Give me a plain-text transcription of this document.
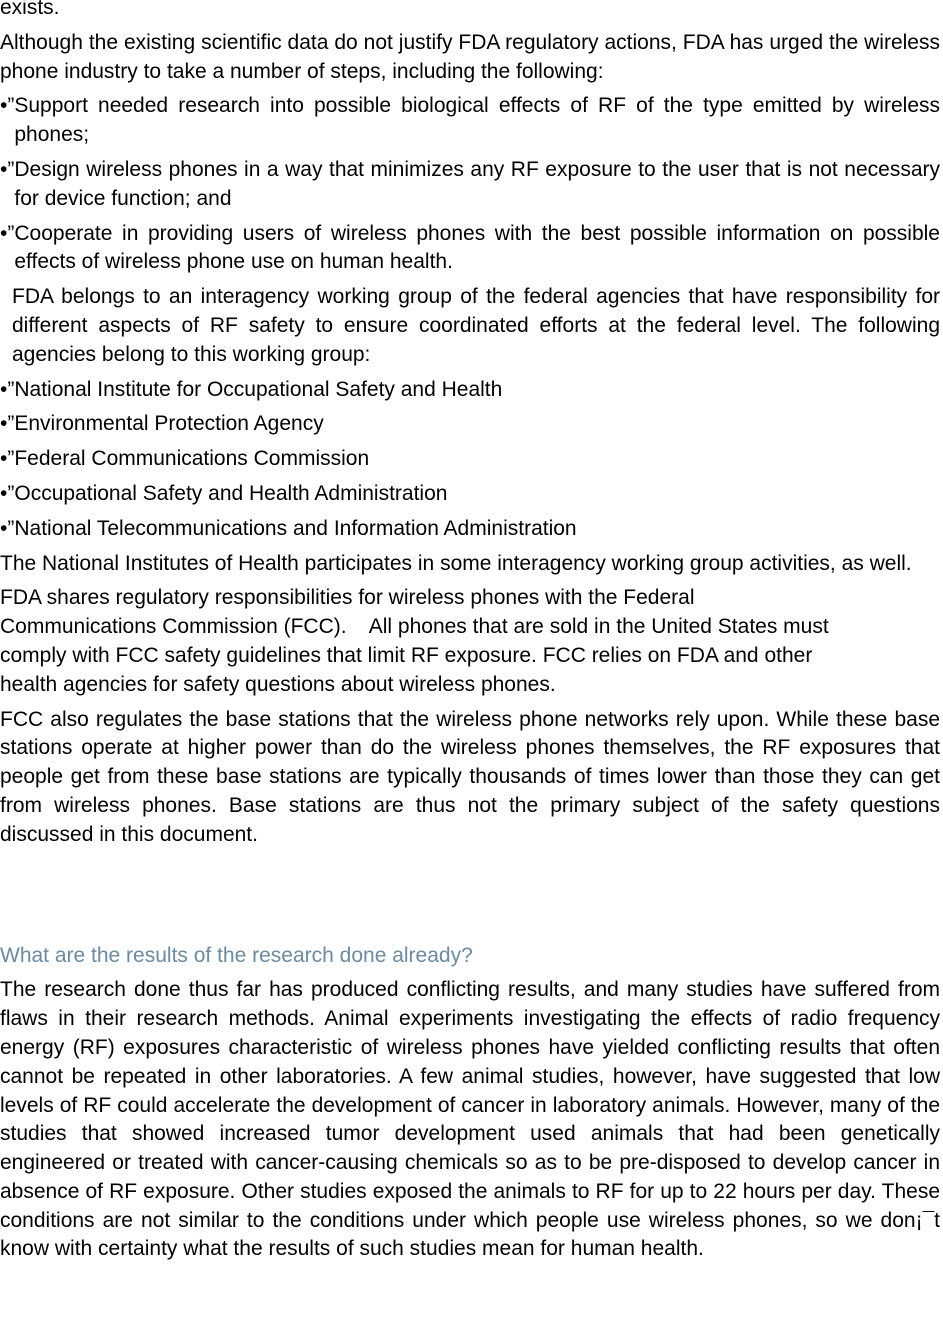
exists.

Although the existing scientific data do not justify FDA regulatory actions, FDA has urged the wireless phone industry to take a number of steps, including the following:

•” Support needed research into possible biological effects of RF of the type emitted by wireless phones;
•” Design wireless phones in a way that minimizes any RF exposure to the user that is not necessary for device function; and
•” Cooperate in providing users of wireless phones with the best possible information on possible effects of wireless phone use on human health.

FDA belongs to an interagency working group of the federal agencies that have responsibility for different aspects of RF safety to ensure coordinated efforts at the federal level. The following agencies belong to this working group:

•” National Institute for Occupational Safety and Health
•” Environmental Protection Agency
•” Federal Communications Commission
•” Occupational Safety and Health Administration
•” National Telecommunications and Information Administration

The National Institutes of Health participates in some interagency working group activities, as well.

FDA shares regulatory responsibilities for wireless phones with the Federal
Communications Commission (FCC).    All phones that are sold in the United States must
comply with FCC safety guidelines that limit RF exposure. FCC relies on FDA and other
health agencies for safety questions about wireless phones.

FCC also regulates the base stations that the wireless phone networks rely upon. While these base stations operate at higher power than do the wireless phones themselves, the RF exposures that people get from these base stations are typically thousands of times lower than those they can get from wireless phones. Base stations are thus not the primary subject of the safety questions discussed in this document.

What are the results of the research done already?

The research done thus far has produced conflicting results, and many studies have suffered from flaws in their research methods. Animal experiments investigating the effects of radio frequency energy (RF) exposures characteristic of wireless phones have yielded conflicting results that often cannot be repeated in other laboratories. A few animal studies, however, have suggested that low levels of RF could accelerate the development of cancer in laboratory animals. However, many of the studies that showed increased tumor development used animals that had been genetically engineered or treated with cancer-causing chemicals so as to be pre-disposed to develop cancer in absence of RF exposure. Other studies exposed the animals to RF for up to 22 hours per day. These conditions are not similar to the conditions under which people use wireless phones, so we don¡¯t know with certainty what the results of such studies mean for human health.
